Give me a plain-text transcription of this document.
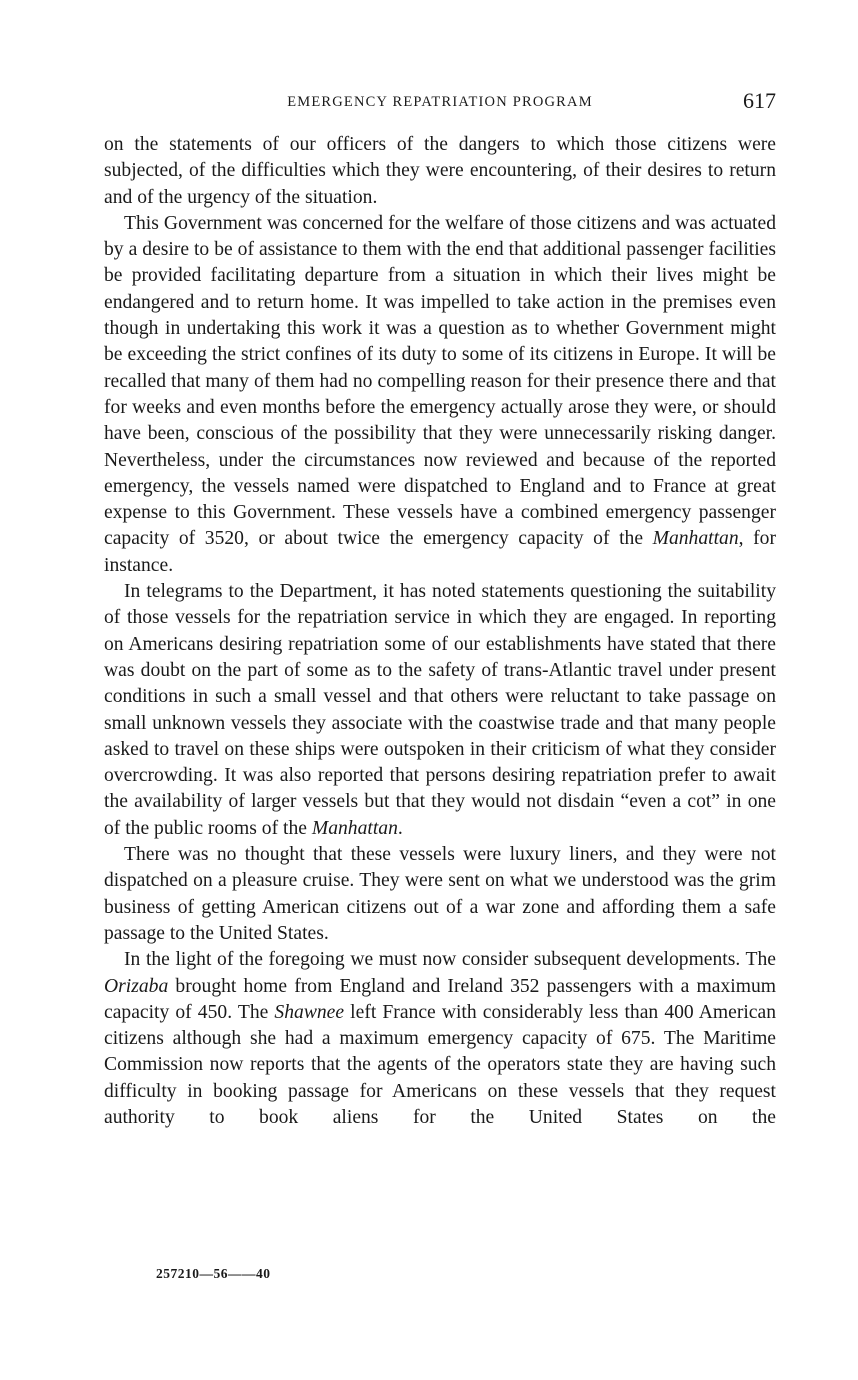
EMERGENCY REPATRIATION PROGRAM	617

on the statements of our officers of the dangers to which those citizens were subjected, of the difficulties which they were encountering, of their desires to return and of the urgency of the situation.

This Government was concerned for the welfare of those citizens and was actuated by a desire to be of assistance to them with the end that additional passenger facilities be provided facilitating departure from a situation in which their lives might be endangered and to return home. It was impelled to take action in the premises even though in undertaking this work it was a question as to whether Government might be exceeding the strict confines of its duty to some of its citizens in Europe. It will be recalled that many of them had no compelling reason for their presence there and that for weeks and even months before the emergency actually arose they were, or should have been, conscious of the possibility that they were unnecessarily risking danger. Nevertheless, under the circumstances now reviewed and because of the reported emergency, the vessels named were dispatched to England and to France at great expense to this Government. These vessels have a combined emergency passenger capacity of 3520, or about twice the emergency capacity of the Manhattan, for instance.

In telegrams to the Department, it has noted statements questioning the suitability of those vessels for the repatriation service in which they are engaged. In reporting on Americans desiring repatriation some of our establishments have stated that there was doubt on the part of some as to the safety of trans-Atlantic travel under present conditions in such a small vessel and that others were reluctant to take passage on small unknown vessels they associate with the coastwise trade and that many people asked to travel on these ships were outspoken in their criticism of what they consider overcrowding. It was also reported that persons desiring repatriation prefer to await the availability of larger vessels but that they would not disdain “even a cot” in one of the public rooms of the Manhattan.

There was no thought that these vessels were luxury liners, and they were not dispatched on a pleasure cruise. They were sent on what we understood was the grim business of getting American citizens out of a war zone and affording them a safe passage to the United States.

In the light of the foregoing we must now consider subsequent developments. The Orizaba brought home from England and Ireland 352 passengers with a maximum capacity of 450. The Shawnee left France with considerably less than 400 American citizens although she had a maximum emergency capacity of 675. The Maritime Commission now reports that the agents of the operators state they are having such difficulty in booking passage for Americans on these vessels that they request authority to book aliens for the United States on the

257210—56——40
